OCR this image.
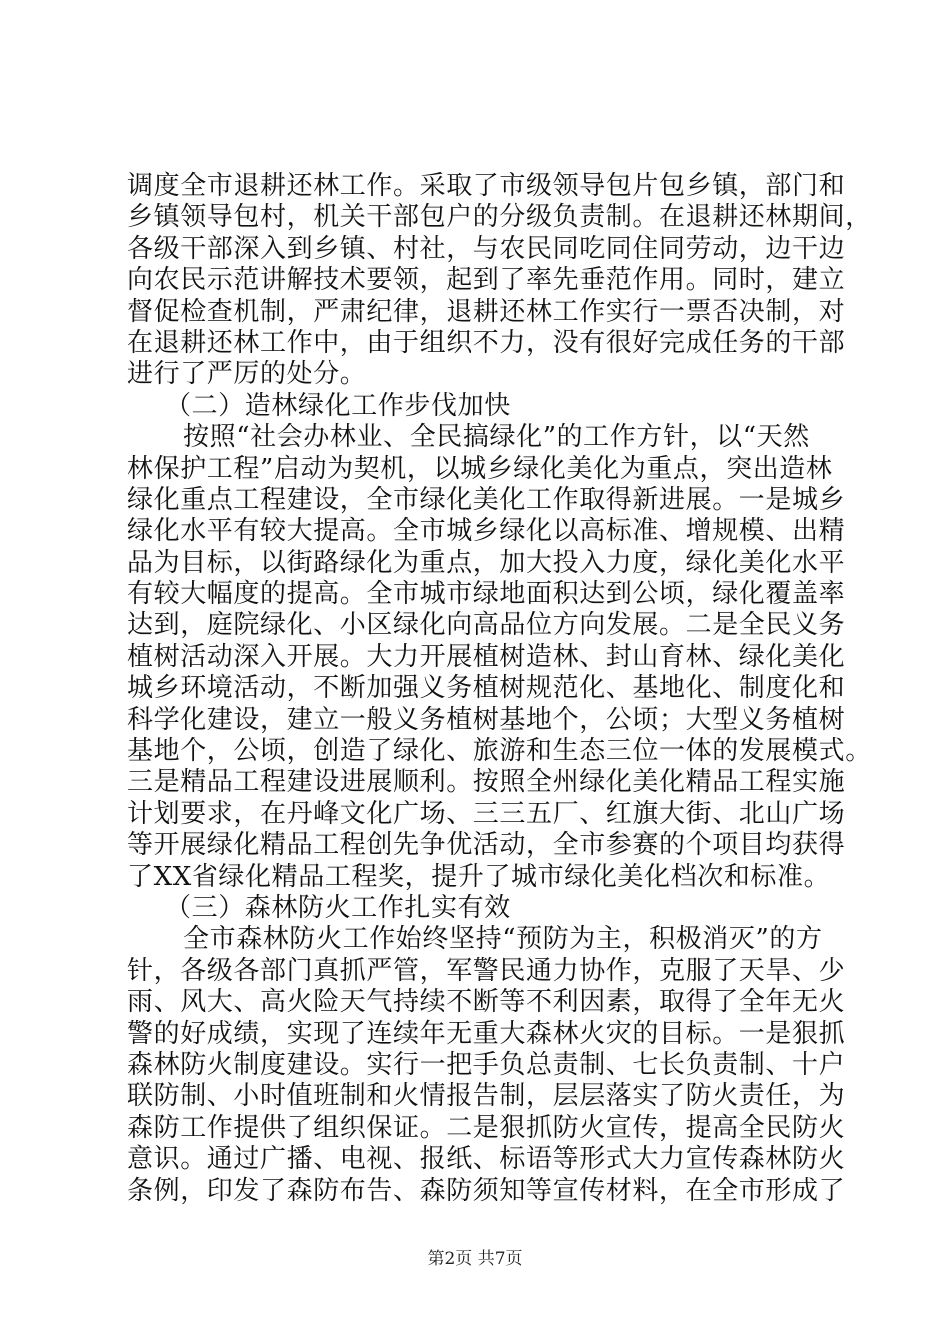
调度全市退耕还林工作。采取了市级领导包片包乡镇，部门和
乡镇领导包村，机关干部包户的分级负责制。在退耕还林期间，
各级干部深入到乡镇、村社，与农民同吃同住同劳动，边干边
向农民示范讲解技术要领，起到了率先垂范作用。同时，建立
督促检查机制，严肃纪律，退耕还林工作实行一票否决制，对
在退耕还林工作中，由于组织不力，没有很好完成任务的干部
进行了严厉的处分。
（二）造林绿化工作步伐加快
按照“社会办林业、全民搞绿化”的工作方针，以“天然
林保护工程”启动为契机，以城乡绿化美化为重点，突出造林
绿化重点工程建设，全市绿化美化工作取得新进展。一是城乡
绿化水平有较大提高。全市城乡绿化以高标准、增规模、出精
品为目标，以街路绿化为重点，加大投入力度，绿化美化水平
有较大幅度的提高。全市城市绿地面积达到公顷，绿化覆盖率
达到，庭院绿化、小区绿化向高品位方向发展。二是全民义务
植树活动深入开展。大力开展植树造林、封山育林、绿化美化
城乡环境活动，不断加强义务植树规范化、基地化、制度化和
科学化建设，建立一般义务植树基地个，公顷；大型义务植树
基地个，公顷，创造了绿化、旅游和生态三位一体的发展模式。
三是精品工程建设进展顺利。按照全州绿化美化精品工程实施
计划要求，在丹峰文化广场、三三五厂、红旗大街、北山广场
等开展绿化精品工程创先争优活动，全市参赛的个项目均获得
了XX省绿化精品工程奖，提升了城市绿化美化档次和标准。
（三）森林防火工作扎实有效
全市森林防火工作始终坚持“预防为主，积极消灭”的方
针，各级各部门真抓严管，军警民通力协作，克服了天旱、少
雨、风大、高火险天气持续不断等不利因素，取得了全年无火
警的好成绩，实现了连续年无重大森林火灾的目标。一是狠抓
森林防火制度建设。实行一把手负总责制、七长负责制、十户
联防制、小时值班制和火情报告制，层层落实了防火责任，为
森防工作提供了组织保证。二是狠抓防火宣传，提高全民防火
意识。通过广播、电视、报纸、标语等形式大力宣传森林防火
条例，印发了森防布告、森防须知等宣传材料，在全市形成了
第2页 共7页
